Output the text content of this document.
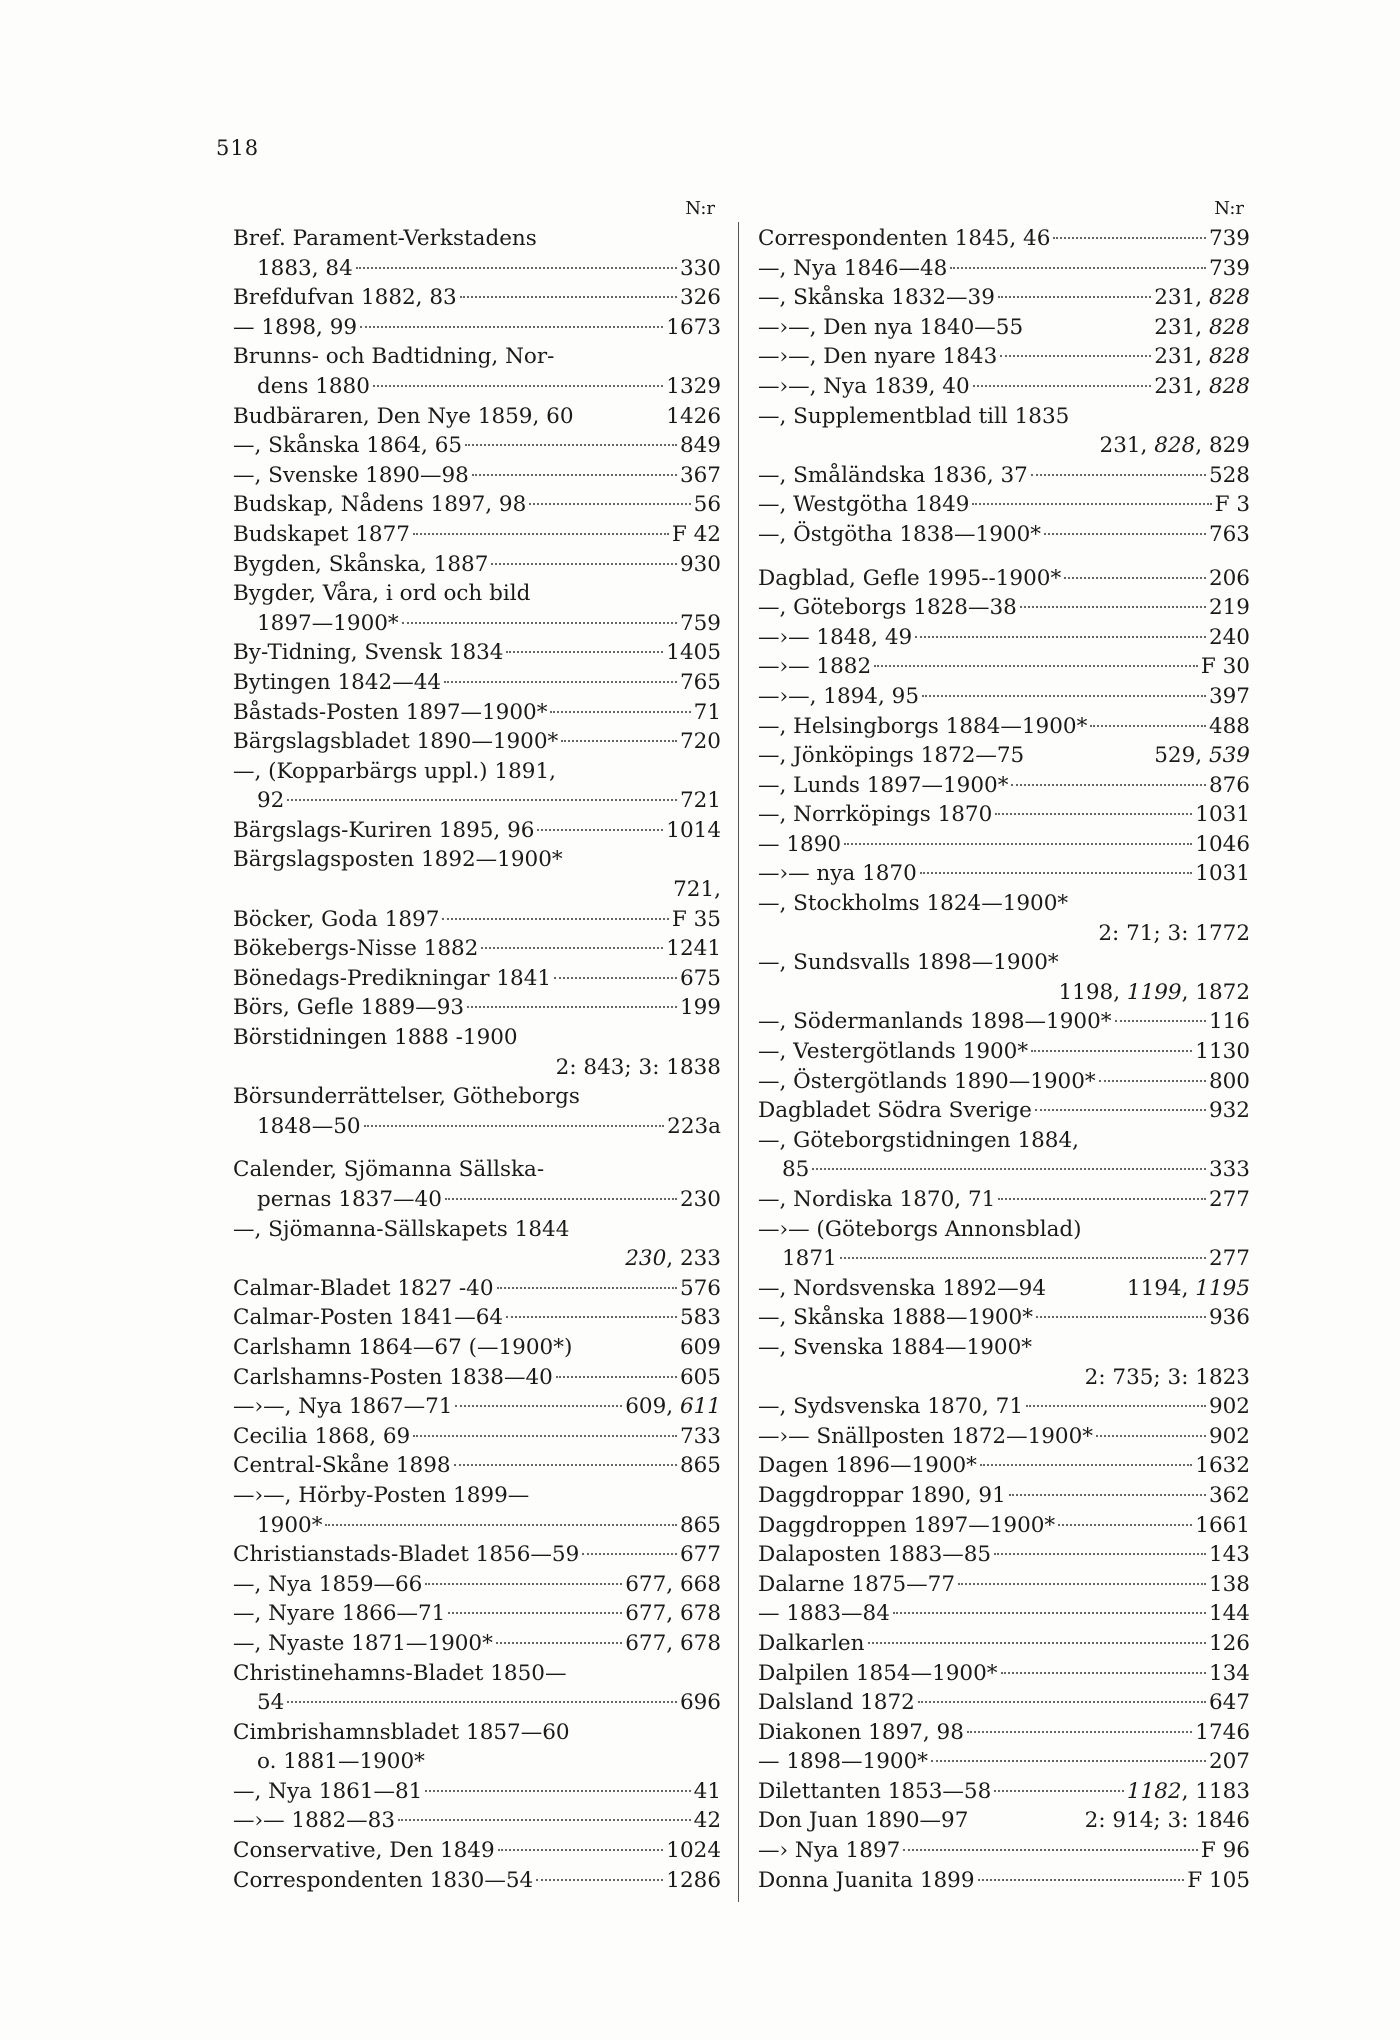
518
N:r
Bref. Parament-Verkstadens
1883, 84	330
Brefdufvan 1882, 83	326
— 1898, 99	1673
Brunns- och Badtidning, Nor-
dens 1880	1329
Budbäraren, Den Nye 1859, 60	1426
—, Skånska 1864, 65	849
—, Svenske 1890—98	367
Budskap, Nådens 1897, 98	56
Budskapet 1877	F 42
Bygden, Skånska, 1887	930
Bygder, Våra, i ord och bild
1897—1900*	759
By-Tidning, Svensk 1834	1405
Bytingen 1842—44	765
Båstads-Posten 1897—1900*	71
Bärgslagsbladet 1890—1900*	720
—, (Kopparbärgs uppl.) 1891,
92	721
Bärgslags-Kuriren 1895, 96	1014
Bärgslagsposten 1892—1900*
721,
Böcker, Goda 1897	F 35
Bökebergs-Nisse 1882	1241
Bönedags-Predikningar 1841	675
Börs, Gefle 1889—93	199
Börstidningen 1888 -1900
2: 843; 3: 1838
Börsunderrättelser, Götheborgs
1848—50	223a
Calender, Sjömanna Sällska-
pernas 1837—40	230
—, Sjömanna-Sällskapets 1844
230, 233
Calmar-Bladet 1827 -40	576
Calmar-Posten 1841—64	583
Carlshamn 1864—67 (—1900*)	609
Carlshamns-Posten 1838—40	605
—›—, Nya 1867—71	609, 611
Cecilia 1868, 69	733
Central-Skåne 1898	865
—›—, Hörby-Posten 1899—
1900*	865
Christianstads-Bladet 1856—59	677
—, Nya 1859—66	677, 668
—, Nyare 1866—71	677, 678
—, Nyaste 1871—1900*	677, 678
Christinehamns-Bladet 1850—
54	696
Cimbrishamnsbladet 1857—60
o. 1881—1900*
—, Nya 1861—81	41
—›— 1882—83	42
Conservative, Den 1849	1024
Correspondenten 1830—54	1286
N:r
Correspondenten 1845, 46	739
—, Nya 1846—48	739
—, Skånska 1832—39	231, 828
—›—, Den nya 1840—55	231, 828
—›—, Den nyare 1843	231, 828
—›—, Nya 1839, 40	231, 828
—, Supplementblad till 1835
231, 828, 829
—, Småländska 1836, 37	528
—, Westgötha 1849	F 3
—, Östgötha 1838—1900*	763
Dagblad, Gefle 1995--1900*	206
—, Göteborgs 1828—38	219
—›— 1848, 49	240
—›— 1882	F 30
—›—, 1894, 95	397
—, Helsingborgs 1884—1900*	488
—, Jönköpings 1872—75	529, 539
—, Lunds 1897—1900*	876
—, Norrköpings 1870	1031
— 1890	1046
—›— nya 1870	1031
—, Stockholms 1824—1900*
2: 71; 3: 1772
—, Sundsvalls 1898—1900*
1198, 1199, 1872
—, Södermanlands 1898—1900*	116
—, Vestergötlands 1900*	1130
—, Östergötlands 1890—1900*	800
Dagbladet Södra Sverige	932
—, Göteborgstidningen 1884,
85	333
—, Nordiska 1870, 71	277
—›— (Göteborgs Annonsblad)
1871	277
—, Nordsvenska 1892—94	1194, 1195
—, Skånska 1888—1900*	936
—, Svenska 1884—1900*
2: 735; 3: 1823
—, Sydsvenska 1870, 71	902
—›— Snällposten 1872—1900*	902
Dagen 1896—1900*	1632
Daggdroppar 1890, 91	362
Daggdroppen 1897—1900*	1661
Dalaposten 1883—85	143
Dalarne 1875—77	138
— 1883—84	144
Dalkarlen	126
Dalpilen 1854—1900*	134
Dalsland 1872	647
Diakonen 1897, 98	1746
— 1898—1900*	207
Dilettanten 1853—58	1182, 1183
Don Juan 1890—97	2: 914; 3: 1846
—› Nya 1897	F 96
Donna Juanita 1899	F 105
